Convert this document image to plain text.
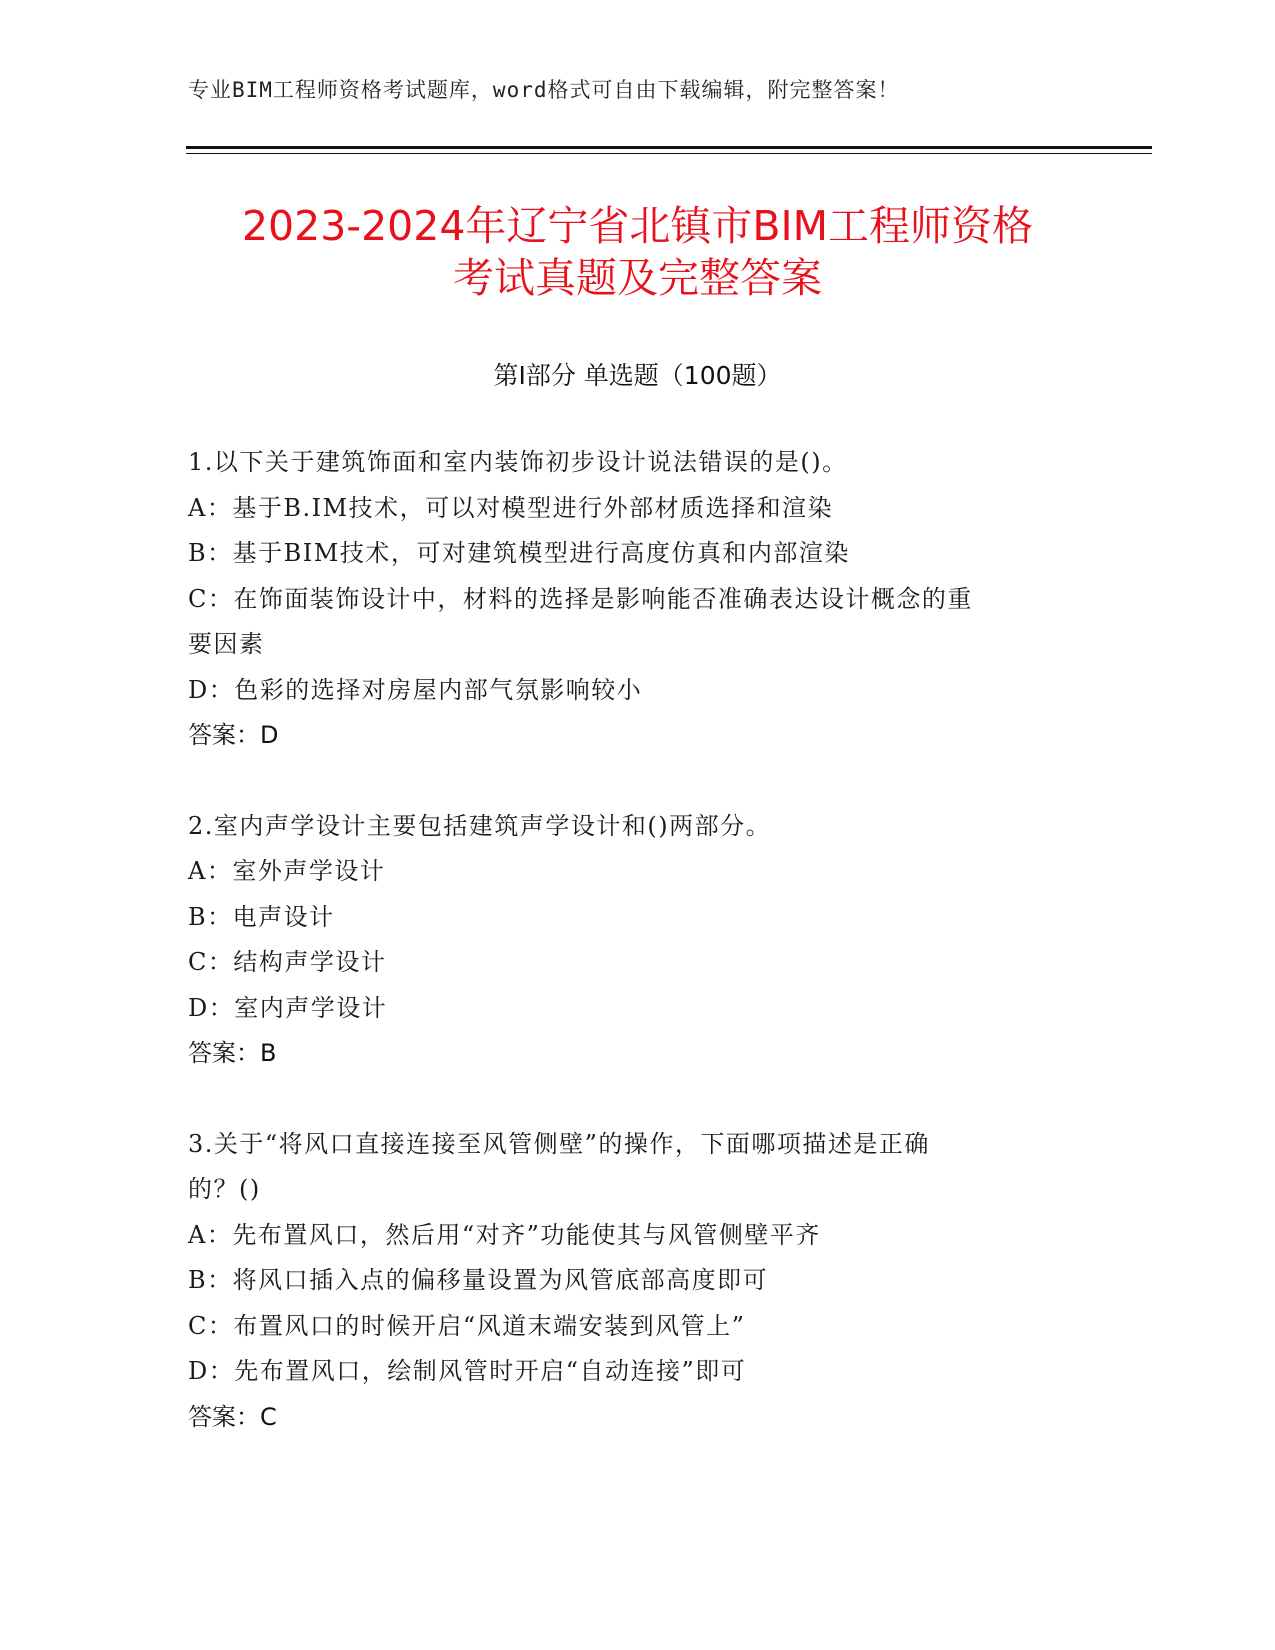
专业BIM工程师资格考试题库，word格式可自由下载编辑，附完整答案！
2023-2024年辽宁省北镇市BIM工程师资格
考试真题及完整答案
第Ⅰ部分 单选题（100题）
1.以下关于建筑饰面和室内装饰初步设计说法错误的是()。
A：基于B.IM技术，可以对模型进行外部材质选择和渲染
B：基于BIM技术，可对建筑模型进行高度仿真和内部渲染
C：在饰面装饰设计中，材料的选择是影响能否准确表达设计概念的重
要因素
D：色彩的选择对房屋内部气氛影响较小
答案：D
2.室内声学设计主要包括建筑声学设计和()两部分。
A：室外声学设计
B：电声设计
C：结构声学设计
D：室内声学设计
答案：B
3.关于“将风口直接连接至风管侧壁”的操作，下面哪项描述是正确
的？()
A：先布置风口，然后用“对齐”功能使其与风管侧壁平齐
B：将风口插入点的偏移量设置为风管底部高度即可
C：布置风口的时候开启“风道末端安装到风管上”
D：先布置风口，绘制风管时开启“自动连接”即可
答案：C
